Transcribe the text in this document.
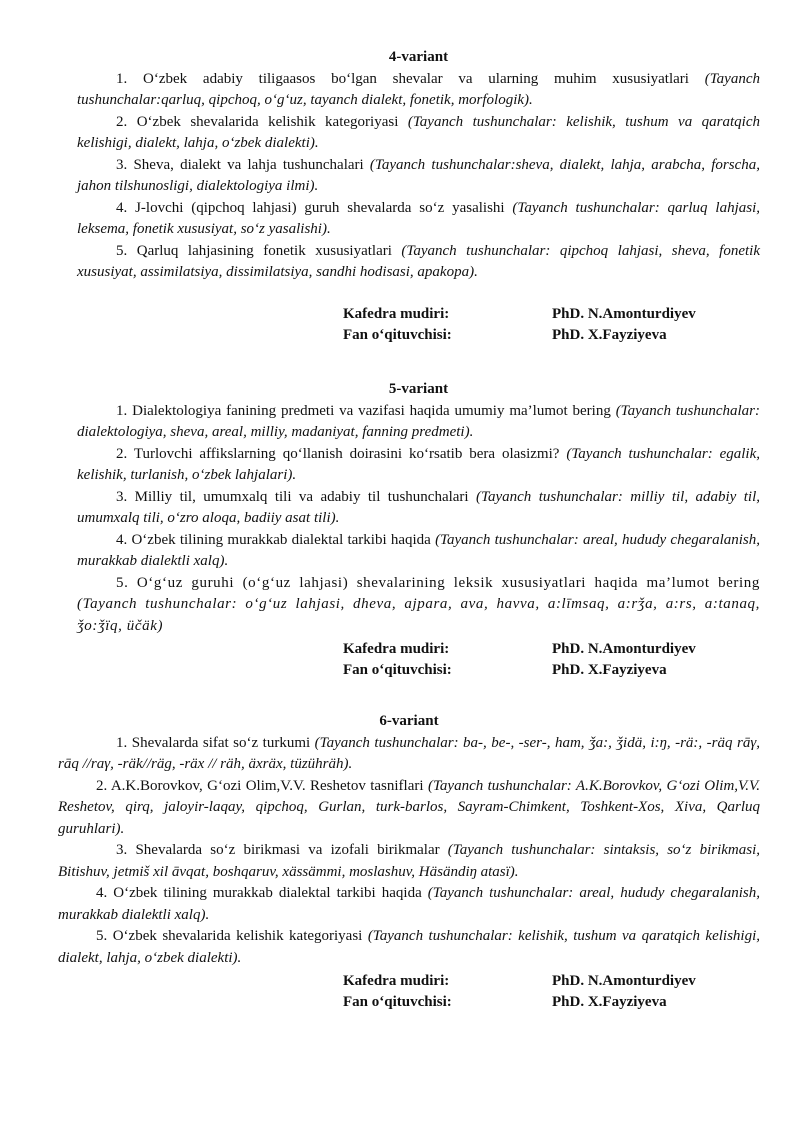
4-variant

1. O‘zbek adabiy tiligaasos bo‘lgan shevalar va ularning muhim xususiyatlari (Tayanch tushunchalar:qarluq, qipchoq, o‘g‘uz, tayanch dialekt, fonetik, morfologik).

2. O‘zbek shevalarida kelishik kategoriyasi (Tayanch tushunchalar: kelishik, tushum va qaratqich kelishigi, dialekt, lahja, o‘zbek dialekti).

3. Sheva, dialekt va lahja tushunchalari (Tayanch tushunchalar:sheva, dialekt, lahja, arabcha, forscha, jahon tilshunosligi, dialektologiya ilmi).

4. J-lovchi (qipchoq lahjasi) guruh shevalarda so‘z yasalishi (Tayanch tushunchalar: qarluq lahjasi, leksema, fonetik xususiyat, so‘z yasalishi).

5. Qarluq lahjasining fonetik xususiyatlari (Tayanch tushunchalar: qipchoq lahjasi, sheva, fonetik xususiyat, assimilatsiya, dissimilatsiya, sandhi hodisasi, apakopa).

Kafedra mudiri:	PhD. N.Amonturdiyev
Fan o‘qituvchisi:	PhD. X.Fayziyeva

5-variant

1. Dialektologiya fanining predmeti va vazifasi haqida umumiy ma’lumot bering (Tayanch tushunchalar: dialektologiya, sheva, areal, milliy, madaniyat, fanning predmeti).

2. Turlovchi affikslarning qo‘llanish doirasini ko‘rsatib bera olasizmi? (Tayanch tushunchalar: egalik, kelishik, turlanish, o‘zbek lahjalari).

3. Milliy til, umumxalq tili va adabiy til tushunchalari (Tayanch tushunchalar: milliy til, adabiy til, umumxalq tili, o‘zro aloqa, badiiy asat tili).

4. O‘zbek tilining murakkab dialektal tarkibi haqida (Tayanch tushunchalar: areal, hududy chegaralanish, murakkab dialektli xalq).

5. O‘g‘uz guruhi (o‘g‘uz lahjasi) shevalarining leksik xususiyatlari haqida ma’lumot bering (Tayanch tushunchalar: o‘g‘uz lahjasi, dheva, ajpara, ava, havva, a:līmsaq, a:rǯa, a:rs, a:tanaq, ǯo:ǯïq, üčäk)

Kafedra mudiri:	PhD. N.Amonturdiyev
Fan o‘qituvchisi:	PhD. X.Fayziyeva

6-variant

1. Shevalarda sifat so‘z turkumi (Tayanch tushunchalar: ba-, be-, -ser-, ham, ǯa:, ǯidä, i:ŋ, -rä:, -räq rāγ, rāq //raγ, -räk//räg, -räx // räh, äxräx, tüzühräh).

2. A.K.Borovkov, G‘ozi Olim,V.V. Reshetov tasniflari (Tayanch tushunchalar: A.K.Borovkov, G‘ozi Olim,V.V. Reshetov, qirq, jaloyir-laqay, qipchoq, Gurlan, turk-barlos, Sayram-Chimkent, Toshkent-Xos, Xiva, Qarluq guruhlari).

3. Shevalarda so‘z birikmasi va izofali birikmalar (Tayanch tushunchalar: sintaksis, so‘z birikmasi, Bitishuv, jetmiš xil āvqat, boshqaruv, xässämmi, moslashuv, Häsändiŋ atasï).

4. O‘zbek tilining murakkab dialektal tarkibi haqida (Tayanch tushunchalar: areal, hududy chegaralanish, murakkab dialektli xalq).

5. O‘zbek shevalarida kelishik kategoriyasi (Tayanch tushunchalar: kelishik, tushum va qaratqich kelishigi, dialekt, lahja, o‘zbek dialekti).

Kafedra mudiri:	PhD. N.Amonturdiyev
Fan o‘qituvchisi:	PhD. X.Fayziyeva
